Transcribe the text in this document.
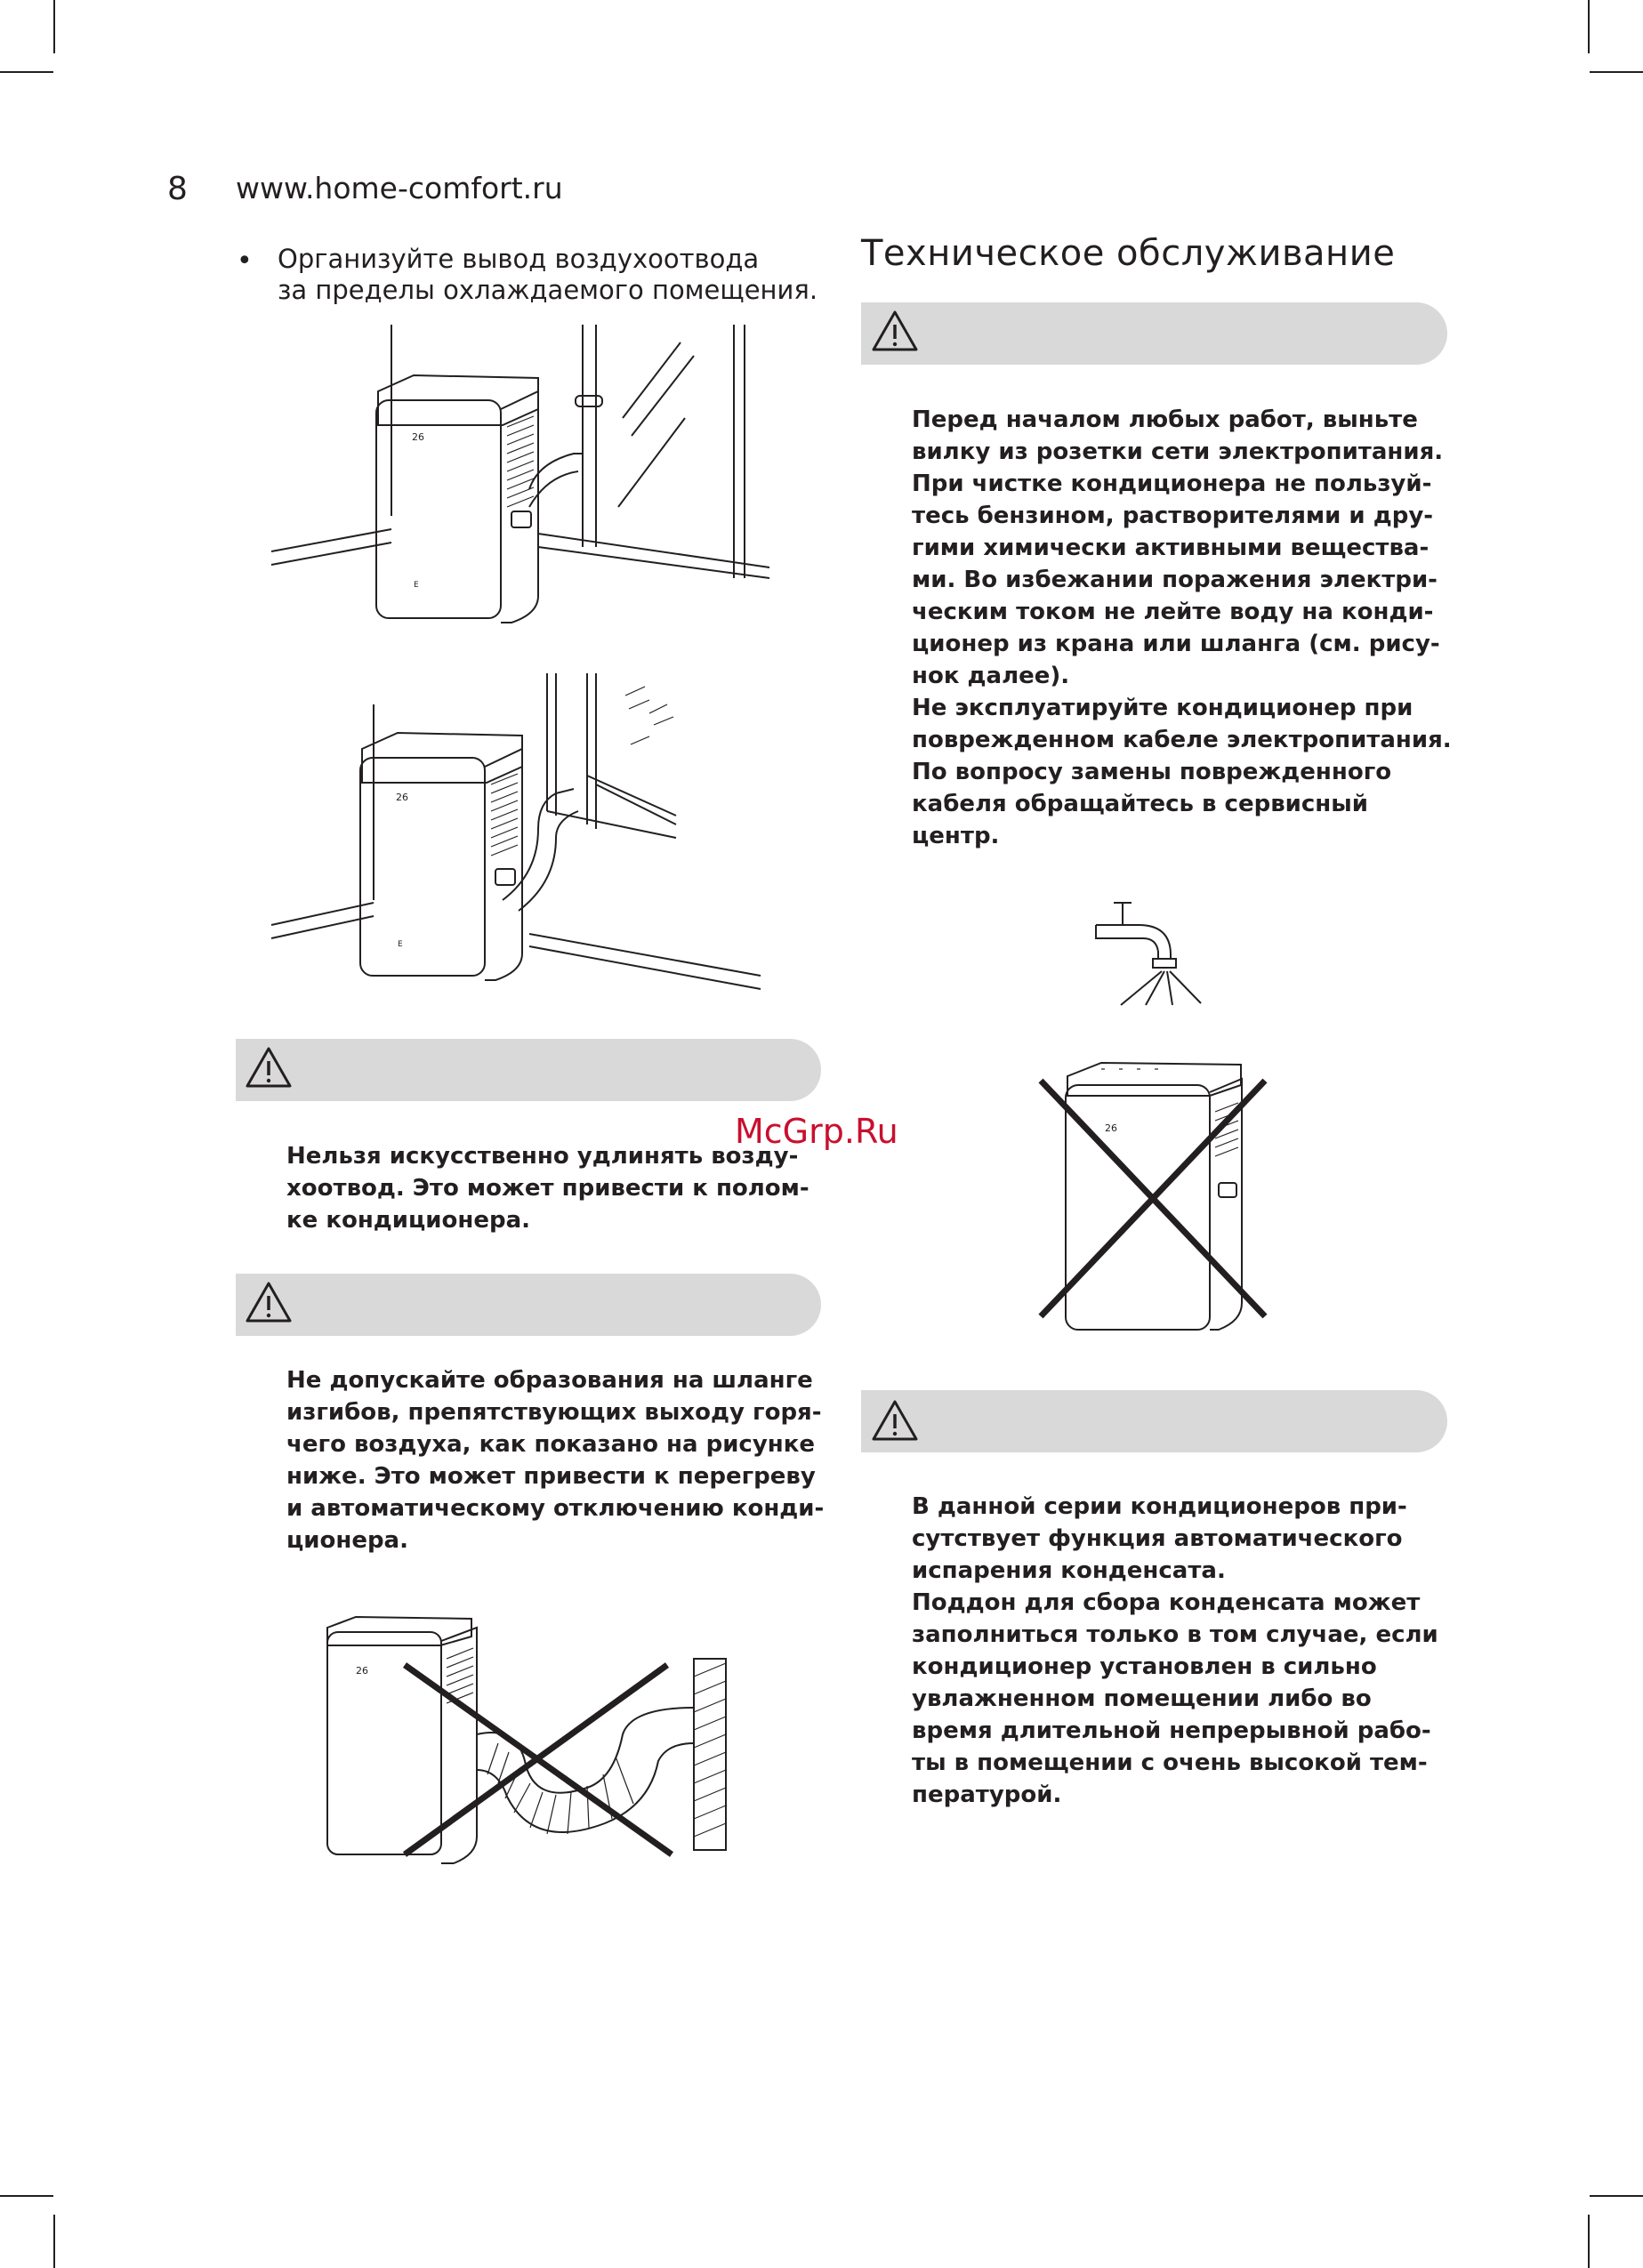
8 www.home-comfort.ru
• Организуйте вывод воздухоотвода
за пределы охлаждаемого помещения.
26
E
26
E
Нельзя искусственно удлинять возду-
хоотвод. Это может привести к полом-
ке кондиционера.
Не допускайте образования на шланге
изгибов, препятствующих выходу горя-
чего воздуха, как показано на рисунке
ниже. Это может привести к перегреву
и автоматическому отключению конди-
ционера.
26
Техническое обслуживание
Перед началом любых работ, выньте
вилку из розетки сети электропитания.
При чистке кондиционера не пользуй-
тесь бензином, растворителями и дру-
гими химически активными вещества-
ми. Во избежании поражения электри-
ческим током не лейте воду на конди-
ционер из крана или шланга (см. рису-
нок далее).
Не эксплуатируйте кондиционер при
поврежденном кабеле электропитания.
По вопросу замены поврежденного
кабеля обращайтесь в сервисный
центр.
26
В данной серии кондиционеров при-
сутствует функция автоматического
испарения конденсата.
Поддон для сбора конденсата может
заполниться только в том случае, если
кондиционер установлен в сильно
увлажненном помещении либо во
время длительной непрерывной рабо-
ты в помещении с очень высокой тем-
пературой.
McGrp.Ru
